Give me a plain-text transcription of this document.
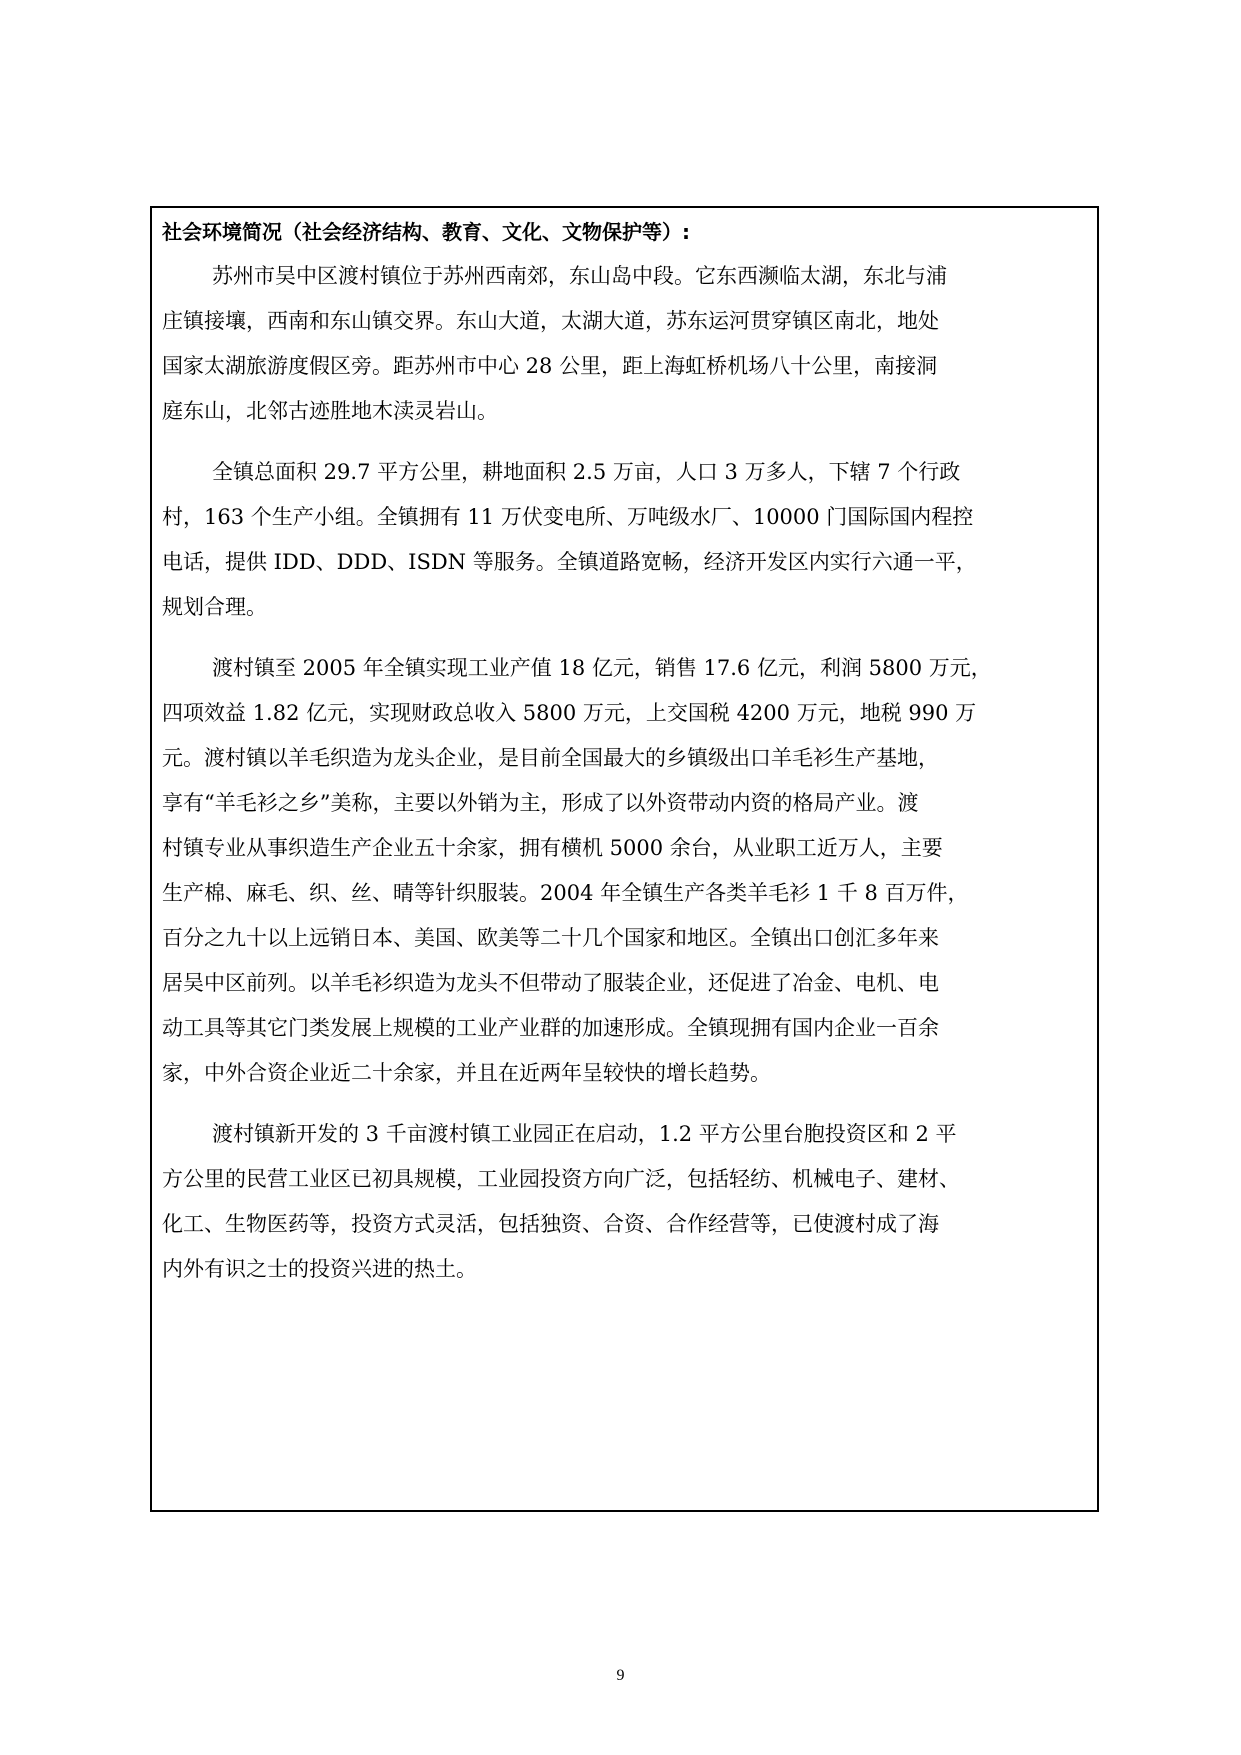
社会环境简况（社会经济结构、教育、文化、文物保护等）:
苏州市吴中区渡村镇位于苏州西南郊，东山岛中段。它东西濒临太湖，东北与浦
庄镇接壤，西南和东山镇交界。东山大道，太湖大道，苏东运河贯穿镇区南北，地处
国家太湖旅游度假区旁。距苏州市中心 28 公里，距上海虹桥机场八十公里，南接洞
庭东山，北邻古迹胜地木渎灵岩山。
全镇总面积 29.7 平方公里，耕地面积 2.5 万亩，人口 3 万多人，下辖 7 个行政
村，163 个生产小组。全镇拥有 11 万伏变电所、万吨级水厂、10000 门国际国内程控
电话，提供 IDD、DDD、ISDN 等服务。全镇道路宽畅，经济开发区内实行六通一平，
规划合理。
渡村镇至 2005 年全镇实现工业产值 18 亿元，销售 17.6 亿元，利润 5800 万元，
四项效益 1.82 亿元，实现财政总收入 5800 万元，上交国税 4200 万元，地税 990 万
元。渡村镇以羊毛织造为龙头企业，是目前全国最大的乡镇级出口羊毛衫生产基地，
享有“羊毛衫之乡”美称，主要以外销为主，形成了以外资带动内资的格局产业。渡
村镇专业从事织造生产企业五十余家，拥有横机 5000 余台，从业职工近万人，主要
生产棉、麻毛、织、丝、晴等针织服装。2004 年全镇生产各类羊毛衫 1 千 8 百万件，
百分之九十以上远销日本、美国、欧美等二十几个国家和地区。全镇出口创汇多年来
居吴中区前列。以羊毛衫织造为龙头不但带动了服装企业，还促进了冶金、电机、电
动工具等其它门类发展上规模的工业产业群的加速形成。全镇现拥有国内企业一百余
家，中外合资企业近二十余家，并且在近两年呈较快的增长趋势。
渡村镇新开发的 3 千亩渡村镇工业园正在启动，1.2 平方公里台胞投资区和 2 平
方公里的民营工业区已初具规模，工业园投资方向广泛，包括轻纺、机械电子、建材、
化工、生物医药等，投资方式灵活，包括独资、合资、合作经营等，已使渡村成了海
内外有识之士的投资兴进的热土。
9
